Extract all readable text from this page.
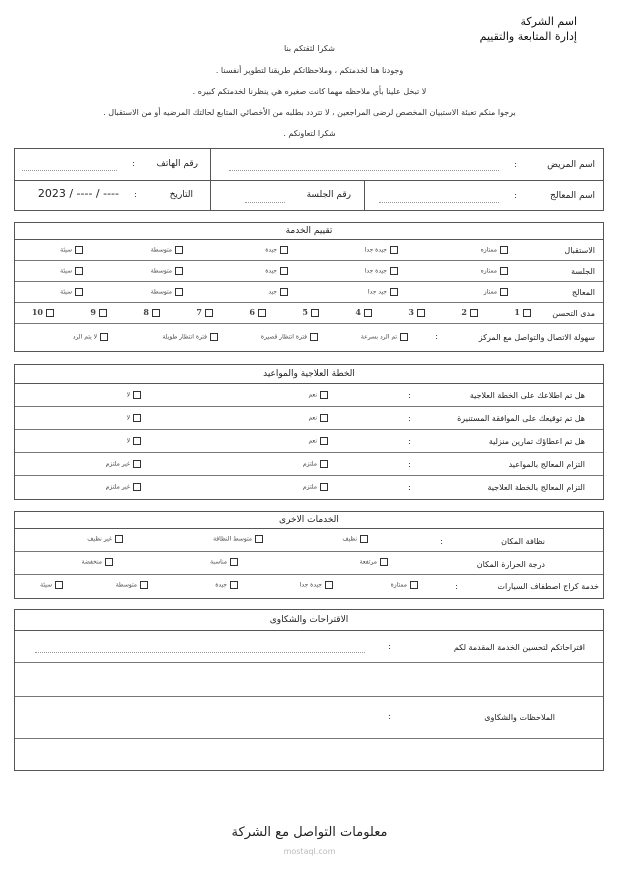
اسم الشركة
إدارة المتابعة والتقييم
شكرا لثقتكم بنا
وجودنا هنا لخدمتكم ، وملاحظاتكم طريقنا لتطوير أنفسنا .
لا تبخل علينا بأي ملاحظه مهما كانت صغيره هي ينظرنا لخدمتكم كبيره .
برجوا منكم تعبئة الاستبيان المخصص لرضى المراجعين ، لا تتردد بطلبه من الأخصائي المتابع لحالتك المرضيه أو من الاستقبال .
شكرا لتعاونكم .
اسم المريض
:
رقم الهاتف
:
اسم المعالج
:
رقم الجلسة
التاريخ
:
2023 / ---- / ----
تقييم الخدمة
الاستقبال
ممتازه
جيدة جدا
جيدة
متوسطة
سيئة
الجلسة
ممتازه
جيدة جدا
جيدة
متوسطة
سيئة
المعالج
ممتاز
جيد جدا
جيد
متوسطة
سيئة
مدى التحسن
1
2
3
4
5
6
7
8
9
10
سهولة الاتصال والتواصل مع المركز
:
تم الرد بسرعة
فترة انتظار قصيرة
فترة انتظار طويلة
لا يتم الرد
الخطة العلاجية والمواعيد
هل تم اطلاعك على الخطة العلاجية
:
نعم
لا
هل تم توقيعك على الموافقة المستنيرة
:
نعم
لا
هل تم اعطاؤك تمارين منزلية
:
نعم
لا
التزام المعالج بالمواعيد
:
ملتزم
غير ملتزم
التزام المعالج بالخطة العلاجية
:
ملتزم
غير ملتزم
الخدمات الاخرى
نظافة المكان
:
نظيف
متوسط النظافة
غير نظيف
درجة الحرارة المكان
مرتفعة
مناسبة
منخفضة
خدمة كراج اصطفاف السيارات
:
ممتازة
جيدة جدا
جيدة
متوسطة
سيئة
الاقتراحات والشكاوى
اقتراحاتكم لتحسين الخدمة المقدمة لكم
:
الملاحظات والشكاوى
:
معلومات التواصل مع الشركة
mostaql.com
